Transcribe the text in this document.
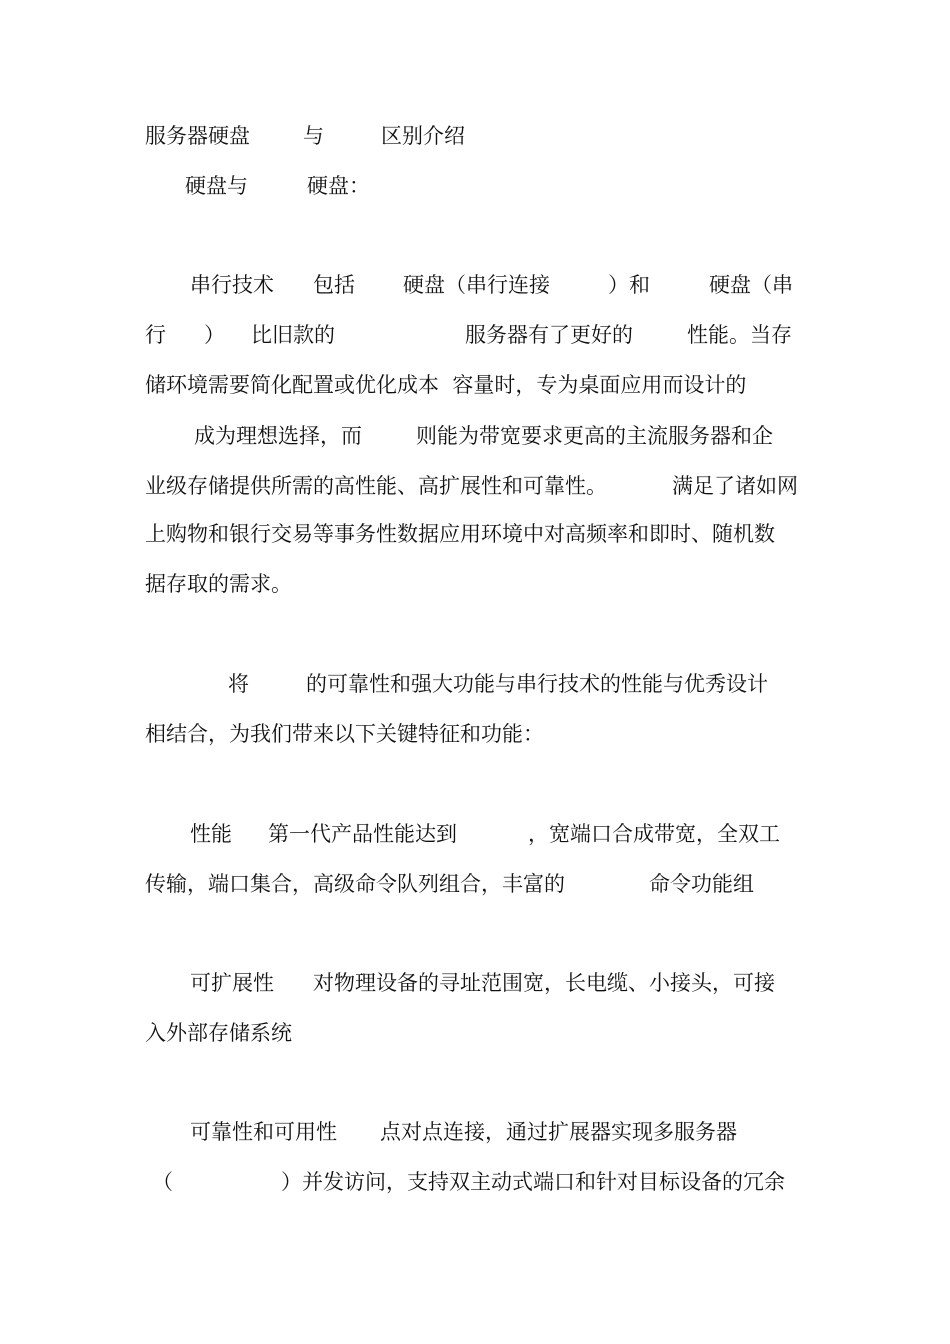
服务器硬盘

	与

	区别介绍

硬盘与

	硬盘：

串行技术

包括

硬盘（串行连接

	）和

	硬盘（串

行

）

比旧款的

	服务器有了更好的

	性能。当存

储环境需要简化配置或优化成本  容量时，专为桌面应用而设计的

成为理想选择，而

	则能为带宽要求更高的主流服务器和企

业级存储提供所需的高性能、高扩展性和可靠性。

	满足了诸如网

上购物和银行交易等事务性数据应用环境中对高频率和即时、随机数

据存取的需求。

将

	的可靠性和强大功能与串行技术的性能与优秀设计

相结合，为我们带来以下关键特征和功能：

性能

第一代产品性能达到

	，宽端口合成带宽，全双工

传输，端口集合，高级命令队列组合，丰富的

	命令功能组

可扩展性

对物理设备的寻址范围宽，长电缆、小接头，可接

入外部存储系统

可靠性和可用性

点对点连接，通过扩展器实现多服务器

（

	）并发访问，支持双主动式端口和针对目标设备的冗余
